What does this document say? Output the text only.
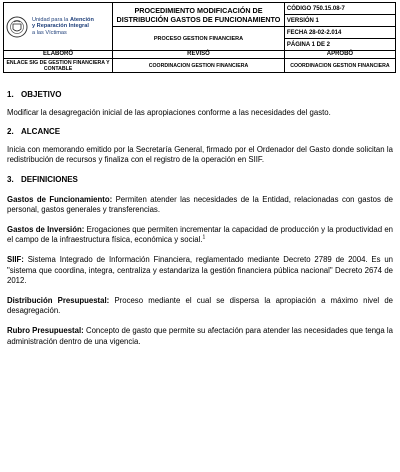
Unidad para la Atención
y Reparación Integral
a las Víctimas	PROCEDIMIENTO MODIFICACIÓN DE
DISTRIBUCIÓN GASTOS DE FUNCIONAMIENTO	CÓDIGO 750.15.08-7
		VERSIÓN 1
	PROCESO GESTION FINANCIERA	FECHA 28-02-2.014
		PÁGINA 1 DE 2
ELABORÓ	REVISÓ	APROBÓ
ENLACE SIG DE GESTION FINANCIERA Y CONTABLE	COORDINACION GESTION FINANCIERA	COORDINACION GESTION FINANCIERA
1. OBJETIVO

Modificar la desagregación inicial de las apropiaciones conforme a las necesidades del gasto.

2. ALCANCE

Inicia con memorando emitido por la Secretaría General, firmado por el Ordenador del Gasto donde solicitan la redistribución de recursos y finaliza con el registro de la operación en SIIF.

3. DEFINICIONES

Gastos de Funcionamiento: Permiten atender las necesidades de la Entidad, relacionadas con gastos de personal, gastos generales y transferencias.

Gastos de Inversión: Erogaciones que permiten incrementar la capacidad de producción y la productividad en el campo de la infraestructura física, económica y social.$^1$

SIIF: Sistema Integrado de Información Financiera, reglamentado mediante Decreto 2789 de 2004. Es un "sistema que coordina, integra, centraliza y estandariza la gestión financiera pública nacional" Decreto 2674 de 2012.

Distribución Presupuestal: Proceso mediante el cual se dispersa la apropiación a máximo nivel de desagregación.

Rubro Presupuestal: Concepto de gasto que permite su afectación para atender las necesidades que tenga la administración dentro de una vigencia.
